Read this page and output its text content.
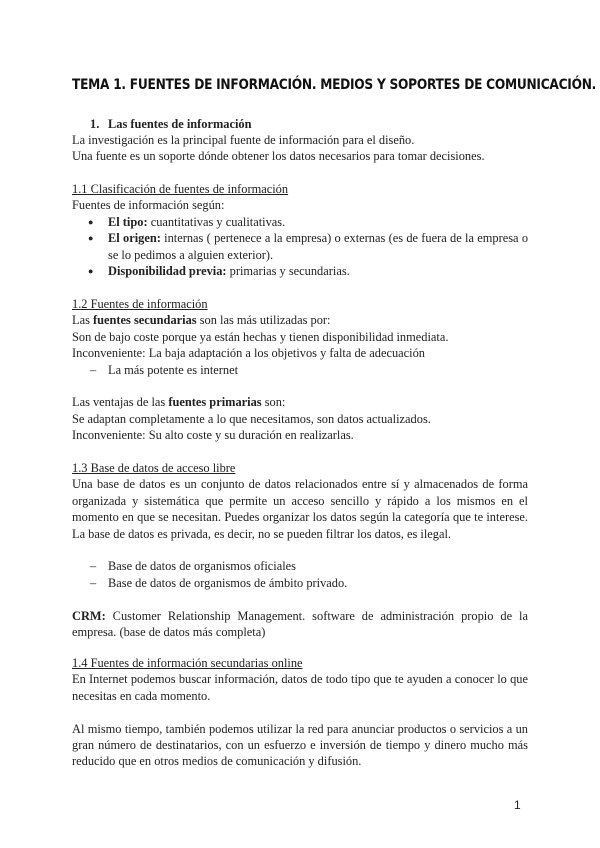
TEMA 1. FUENTES DE INFORMACIÓN. MEDIOS Y SOPORTES DE COMUNICACIÓN.
1. Las fuentes de información

La investigación es la principal fuente de información para el diseño.

Una fuente es un soporte dónde obtener los datos necesarios para tomar decisiones.

1.1 Clasificación de fuentes de información

Fuentes de información según:

● El tipo: cuantitativas y cualitativas.
● El origen: internas ( pertenece a la empresa) o externas (es de fuera de la empresa o se lo pedimos a alguien exterior).
● Disponibilidad previa: primarias y secundarias.

1.2 Fuentes de información

Las fuentes secundarias son las más utilizadas por:

Son de bajo coste porque ya están hechas y tienen disponibilidad inmediata.

Inconveniente: La baja adaptación a los objetivos y falta de adecuación

– La más potente es internet

Las ventajas de las fuentes primarias son:

Se adaptan completamente a lo que necesitamos, son datos actualizados.

Inconveniente: Su alto coste y su duración en realizarlas.

1.3 Base de datos de acceso libre

Una base de datos es un conjunto de datos relacionados entre sí y almacenados de forma organizada y sistemática que permite un acceso sencillo y rápido a los mismos en el momento en que se necesitan. Puedes organizar los datos según la categoría que te interese. La base de datos es privada, es decir, no se pueden filtrar los datos, es ilegal.

– Base de datos de organismos oficiales
– Base de datos de organismos de ámbito privado.

CRM: Customer Relationship Management. software de administración propio de la empresa. (base de datos más completa)

1.4 Fuentes de información secundarias online

En Internet podemos buscar información, datos de todo tipo que te ayuden a conocer lo que necesitas en cada momento.

Al mismo tiempo, también podemos utilizar la red para anunciar productos o servicios a un gran número de destinatarios, con un esfuerzo e inversión de tiempo y dinero mucho más reducido que en otros medios de comunicación y difusión.

1
